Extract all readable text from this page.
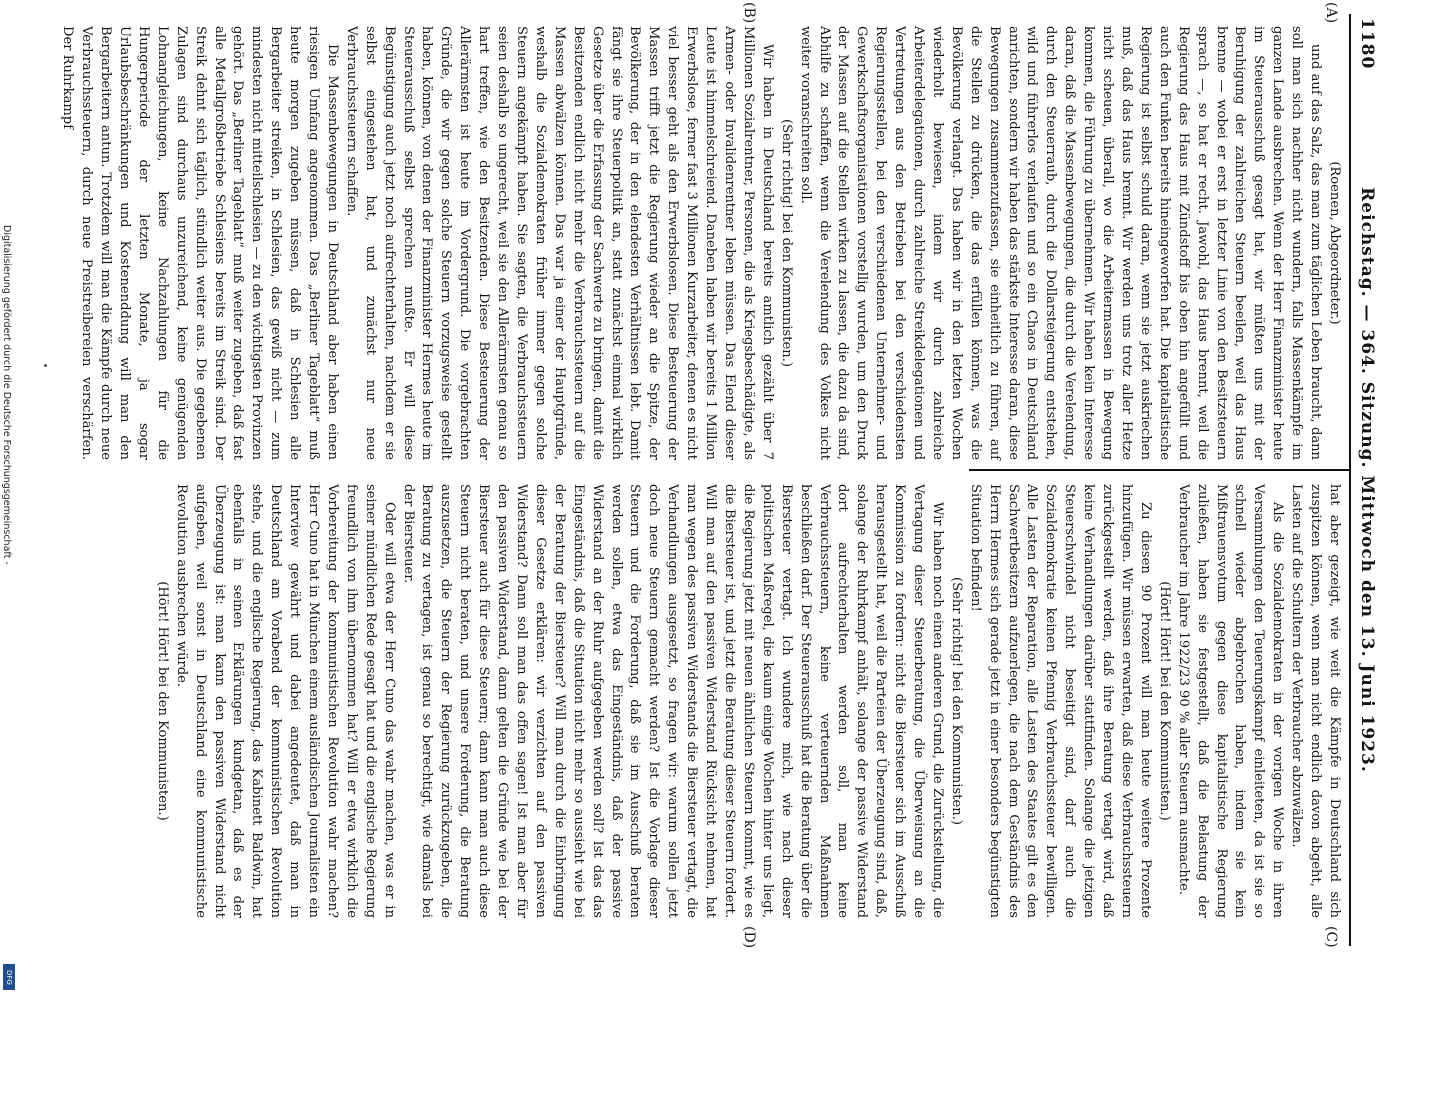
Digitalisierung gefördert durch die Deutsche Forschungsgemeinschaft -
DFG
1180
Reichstag. — 364. Sitzung. Mittwoch den 13. Juni 1923.
(A)
(B)
(C)
(D)

(Roenen, Abgeordneter.)

und auf das Salz, das man zum täglichen Leben braucht, dann soll man sich nachher nicht wundern, falls Massenkämpfe im ganzen Lande ausbrechen. Wenn der Herr Finanzminister heute im Steuerausschuß gesagt hat, wir müßten uns mit der Beruhigung der zahlreichen Steuern beeilen, weil das Haus brenne — wobei er erst in letzter Linie von den Besitzsteuern sprach —, so hat er recht. Jawohl, das Haus brennt, weil die Regierung das Haus mit Zündstoff bis oben hin angefüllt und auch den Funken bereits hineingeworfen hat. Die kapitalistische Regierung ist selbst schuld daran, wenn sie jetzt auskriechen muß, daß das Haus brennt. Wir werden uns trotz aller Hetze nicht scheuen, überall, wo die Arbeitermassen in Bewegung kommen, die Führung zu übernehmen. Wir haben kein Interesse daran, daß die Massenbewegungen, die durch die Verelendung, durch den Steuerraub, durch die Dollarsteigerung entstehen, wild und führerlos verlaufen und so ein Chaos in Deutschland anrichten, sondern wir haben das stärkste Interesse daran, diese Bewegungen zusammenzufassen, sie einheitlich zu führen, auf die Stellen zu drücken, die das erfüllen können, was die Bevölkerung verlangt. Das haben wir in den letzten Wochen wiederholt bewiesen, indem wir durch zahlreiche Arbeiterdelegationen, durch zahlreiche Streikdelegationen und Vertretungen aus den Betrieben bei den verschiedensten Regierungsstellen, bei den verschiedenen Unternehmer- und Gewerkschaftsorganisationen vorstellig wurden, um den Druck der Massen auf die Stellen wirken zu lassen, die dazu da sind, Abhilfe zu schaffen, wenn die Verelendung des Volkes nicht weiter voranschreiten soll.

(Sehr richtig! bei den Kommunisten.)

Wir haben in Deutschland bereits amtlich gezählt über 7 Millionen Sozialrentner, Personen, die als Kriegsbeschädigte, als Armen- oder Invalidenrentner leben müssen. Das Elend dieser Leute ist himmelschreiend. Daneben haben wir bereits 1 Million Erwerbslose, ferner fast 3 Millionen Kurzarbeiter, denen es nicht viel besser geht als den Erwerbslosen. Diese Besteuerung der Massen trifft jetzt die Regierung wieder an die Spitze, der Bevölkerung, der in den elendesten Verhältnissen lebt. Damit fängt sie ihre Steuerpolitik an, statt zunächst einmal wirklich Gesetze über die Erfassung der Sachwerte zu bringen, damit die Besitzenden endlich nicht mehr die Verbrauchssteuern auf die Massen abwälzen können. Das war ja einer der Hauptgründe, weshalb die Sozialdemokraten früher immer gegen solche Steuern angekämpft haben. Sie sagten, die Verbrauchssteuern seien deshalb so ungerecht, weil sie den Allerärmsten genau so hart treffen, wie den Besitzenden. Diese Besteuerung der Allerärmsten ist heute im Vordergrund. Die vorgebrachten Gründe, die wir gegen solche Steuern vorzugsweise gestellt haben, können, von denen der Finanzminister Hermes heute im Steuerausschuß selbst sprechen mußte. Er will diese Begünstigung auch jetzt noch aufrechterhalten, nachdem er sie selbst eingestehen hat, und zunächst nur neue Verbrauchssteuern schaffen.

Die Massenbewegungen in Deutschland aber haben einen riesigen Umfang angenommen. Das „Berliner Tageblatt“ muß heute morgen zugeben müssen, daß in Schlesien alle Bergarbeiter streiken, in Schlesien, das gewiß nicht — zum mindesten nicht mitteilschlesien — zu den wichtigsten Provinzen gehört. Das „Berliner Tageblatt“ muß weiter zugeben, daß fast alle Metallgroßbetriebe Schlesiens bereits im Streik sind. Der Streik dehnt sich täglich, stündlich weiter aus. Die gegebenen Zulagen sind durchaus unzureichend, keine genügenden Lohnangleichungen, keine Nachzahlungen für die Hungerperiode der letzten Monate, ja sogar Urlaubsbeschränkungen und Kostenenddung will man den Bergarbeitern antun. Trotzdem will man die Kämpfe durch neue Verbrauchssteuern, durch neue Preistreibereien verschärfen. Der Ruhrkampf

hat aber gezeigt, wie weit die Kämpfe in Deutschland sich zuspitzen können, wenn man nicht endlich davon abgeht, alle Lasten auf die Schultern der Verbraucher abzuwälzen.

Als die Sozialdemokraten in der vorigen Woche in ihren Versammlungen den Teuerungskampf einleiteten, da ist sie so schnell wieder abgebrochen haben, indem sie kein Mißtrauensvotum gegen diese kapitalistische Regierung zuließen, haben sie festgestellt, daß die Belastung der Verbraucher im Jahre 1922/23 90 % aller Steuern ausmachte.

(Hört! Hört! bei den Kommunisten.)

Zu diesen 90 Prozent will man heute weitere Prozente hinzufügen. Wir müssen erwarten, daß diese Verbrauchssteuern zurückgestellt werden, daß ihre Beratung vertagt wird, daß keine Verhandlungen darüber stattfinden. Solange die jetzigen Steuerschwindel nicht beseitigt sind, darf auch die Sozialdemokratie keinen Pfennig Verbrauchssteuer bewilligen. Alle Lasten der Reparation, alle Lasten des Staates gilt es den Sachwertbesitzern aufzuerlegen, die nach dem Geständnis des Herrn Hermes sich gerade jetzt in einer besonders begünstigten Situation befinden!

(Sehr richtig! bei den Kommunisten.)

Wir haben noch einen anderen Grund, die Zurückstellung, die Vertagung dieser Steuerberatung, die Überweisung an die Kommission zu fordern: nicht die Biersteuer sich im Ausschuß herausgestellt hat, weil die Parteien der Überzeugung sind, daß, solange der Ruhrkampf anhält, solange der passive Widerstand dort aufrechterhalten werden soll, man keine Verbrauchssteuern, keine verteuernden Maßnahmen beschließen darf. Der Steuerausschuß hat die Beratung über die Biersteuer vertagt. Ich wundere mich, wie nach dieser politischen Maßregel, die kaum einige Wochen hinter uns liegt, die Regierung jetzt mit neuen ähnlichen Steuern kommt, wie es die Biersteuer ist, und jetzt die Beratung dieser Steuern fordert. Will man auf den passiven Widerstand Rücksicht nehmen, hat man wegen des passiven Widerstands die Biersteuer vertagt, die Verhandlungen ausgesetzt, so fragen wir: warum sollen jetzt doch neue Steuern gemacht werden? Ist die Vorlage dieser Steuern und die Forderung, daß sie im Ausschuß beraten werden sollen, etwa das Eingeständnis, daß der passive Widerstand an der Ruhr aufgegeben werden soll? Ist das das Eingeständnis, daß die Situation nicht mehr so aussieht wie bei der Beratung der Biersteuer? Will man durch die Einbringung dieser Gesetze erklären: wir verzichten auf den passiven Widerstand? Dann soll man das offen sagen! Ist man aber für den passiven Widerstand, dann gelten die Gründe wie bei der Biersteuer auch für diese Steuern; dann kann man auch diese Steuern nicht beraten, und unsere Forderung, die Beratung auszusetzen, die Steuern der Regierung zurückzugeben, die Beratung zu vertagen, ist genau so berechtigt, wie damals bei der Biersteuer.

Oder will etwa der Herr Cuno das wahr machen, was er in seiner mündlichen Rede gesagt hat und die englische Regierung freundlich von ihm übernommen hat? Will er etwa wirklich die Vorbereitung der kommunistischen Revolution wahr machen? Herr Cuno hat in München einem ausländischen Journalisten ein Interview gewährt und dabei angedeutet, daß man in Deutschland am Vorabend der kommunistischen Revolution stehe, und die englische Regierung, das Kabinett Baldwin, hat ebenfalls in seinen Erklärungen kundgetan, daß es der Überzeugung ist: man kann den passiven Widerstand nicht aufgeben, weil sonst in Deutschland eine kommunistische Revolution ausbrechen würde.

(Hört! Hört! bei den Kommunisten.)
